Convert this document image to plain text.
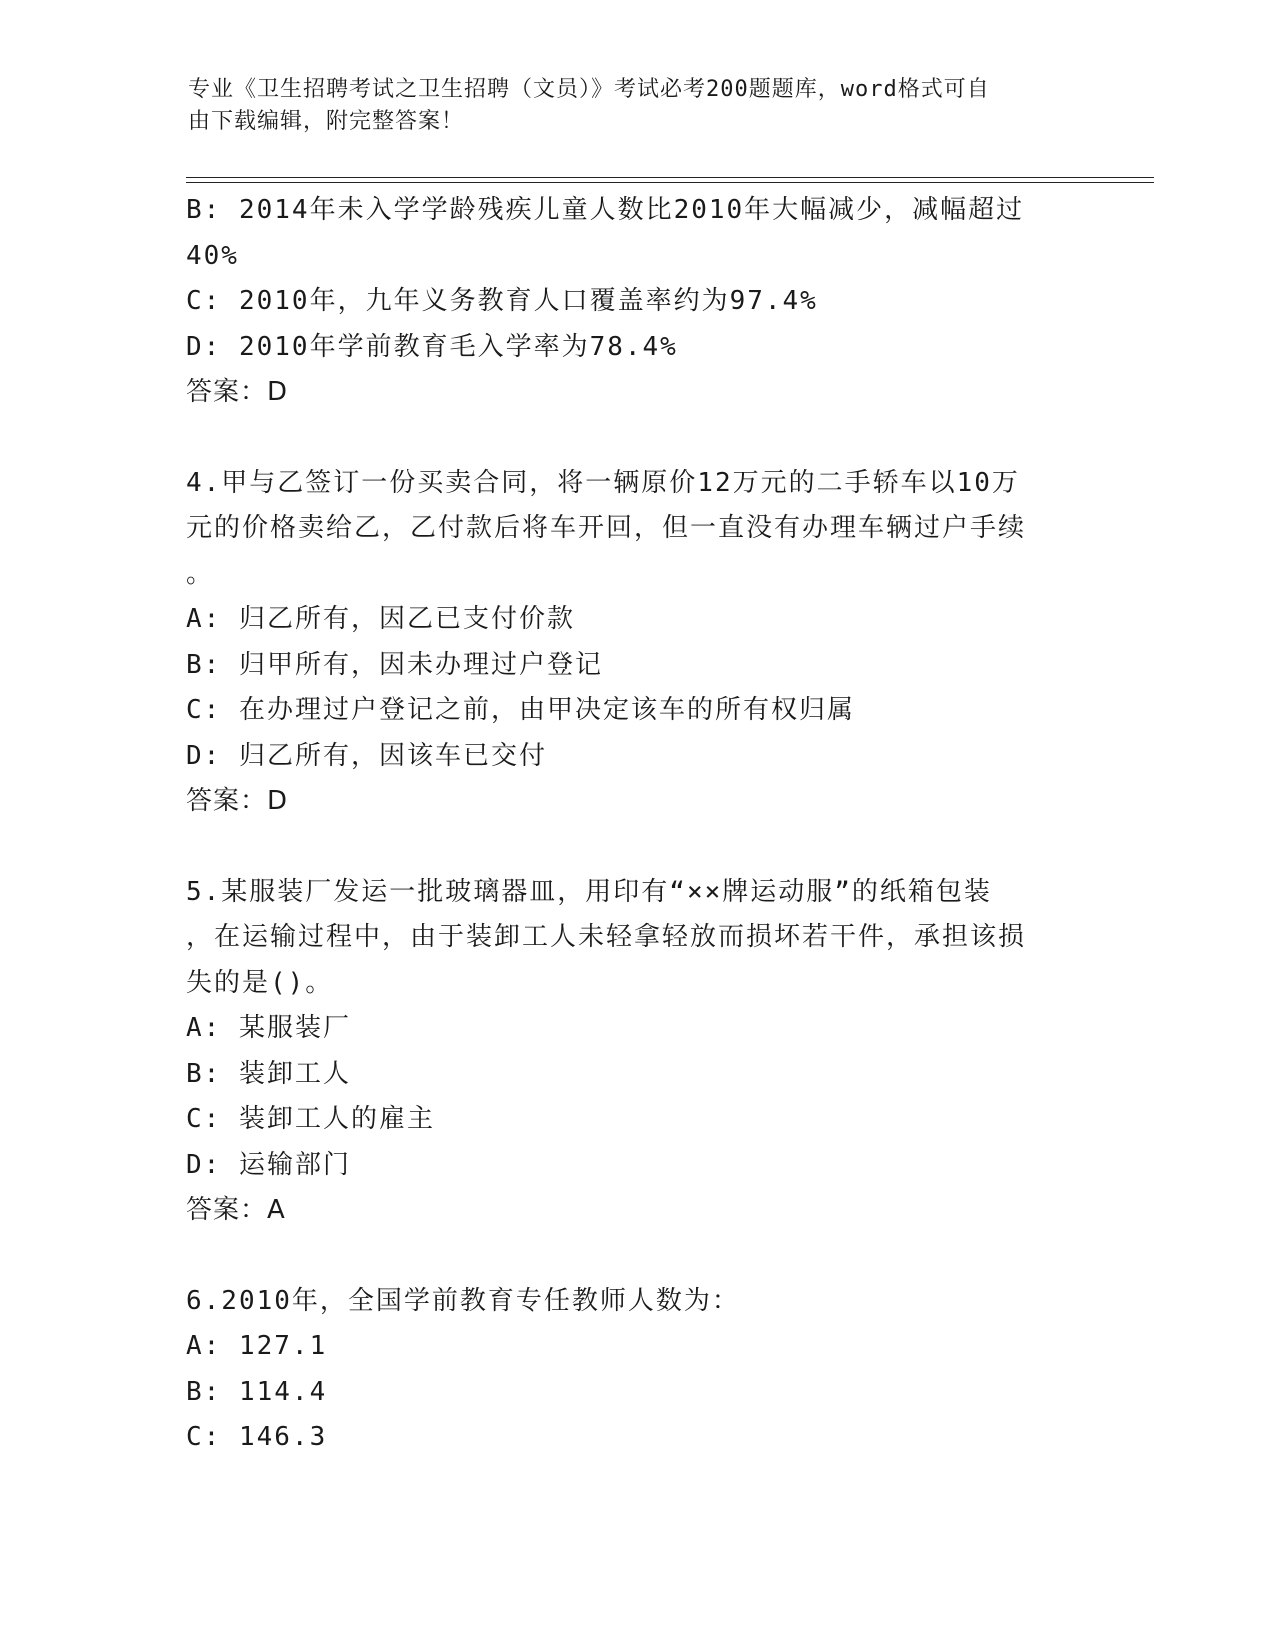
专业《卫生招聘考试之卫生招聘（文员）》考试必考200题题库，word格式可自
由下载编辑，附完整答案！

B: 2014年未入学学龄残疾儿童人数比2010年大幅减少，减幅超过

40%

C: 2010年，九年义务教育人口覆盖率约为97.4%

D: 2010年学前教育毛入学率为78.4%

答案：D

4.甲与乙签订一份买卖合同，将一辆原价12万元的二手轿车以10万

元的价格卖给乙，乙付款后将车开回，但一直没有办理车辆过户手续

。

A: 归乙所有，因乙已支付价款

B: 归甲所有，因未办理过户登记

C: 在办理过户登记之前，由甲决定该车的所有权归属

D: 归乙所有，因该车已交付

答案：D

5.某服装厂发运一批玻璃器皿，用印有“××牌运动服”的纸箱包装

，在运输过程中，由于装卸工人未轻拿轻放而损坏若干件，承担该损

失的是()。

A: 某服装厂

B: 装卸工人

C: 装卸工人的雇主

D: 运输部门

答案：A

6.2010年，全国学前教育专任教师人数为：

A: 127.1

B: 114.4

C: 146.3
